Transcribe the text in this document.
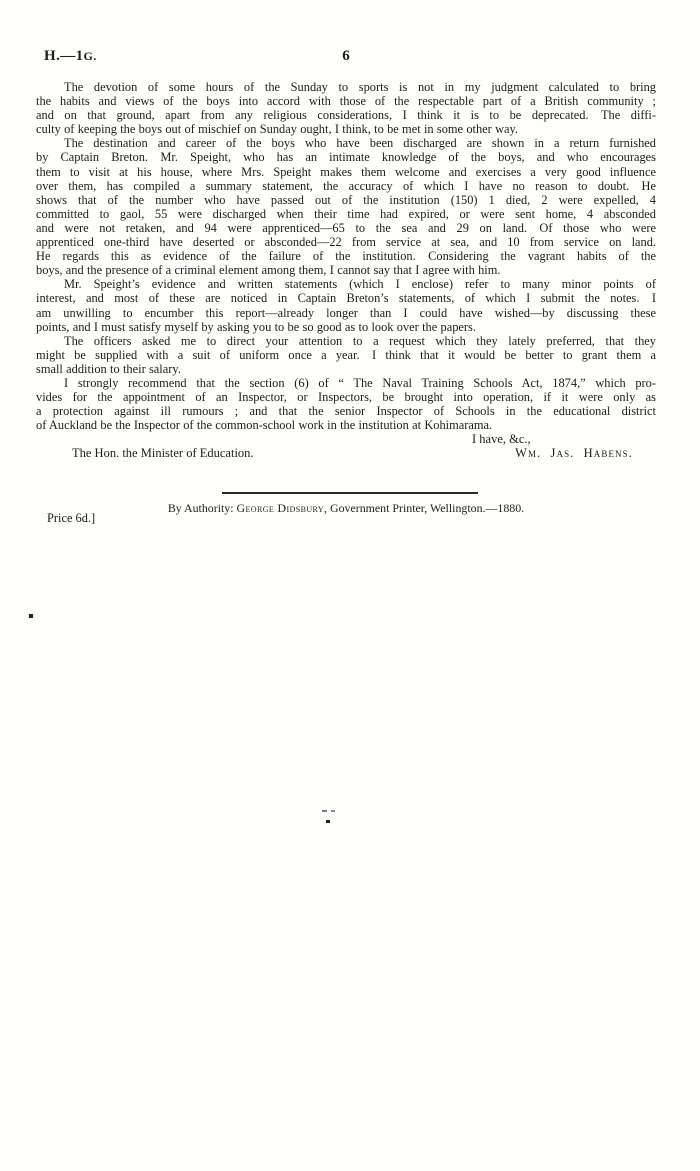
H.—1G.	6
The devotion of some hours of the Sunday to sports is not in my judgment calculated to bring
the habits and views of the boys into accord with those of the respectable part of a British community ;
and on that ground, apart from any religious considerations, I think it is to be deprecated.  The diffi-
culty of keeping the boys out of mischief on Sunday ought, I think, to be met in some other way.
The destination and career of the boys who have been discharged are shown in a return furnished
by Captain Breton.  Mr. Speight, who has an intimate knowledge of the boys, and who encourages
them to visit at his house, where Mrs. Speight makes them welcome and exercises a very good influence
over them, has compiled a summary statement, the accuracy of which I have no reason to doubt.  He
shows that of the number who have passed out of the institution (150) 1 died, 2 were expelled, 4
committed to gaol, 55 were discharged when their time had expired, or were sent home, 4 absconded
and were not retaken, and 94 were apprenticed—65 to the sea and 29 on land.  Of those who were
apprenticed one-third have deserted or absconded—22 from service at sea, and 10 from service on land.
He regards this as evidence of the failure of the institution.  Considering the vagrant habits of the
boys, and the presence of a criminal element among them, I cannot say that I agree with him.
Mr. Speight’s evidence and written statements (which I enclose) refer to many minor points of
interest, and most of these are noticed in Captain Breton’s statements, of which I submit the notes.  I
am unwilling to encumber this report—already longer than I could have wished—by discussing these
points, and I must satisfy myself by asking you to be so good as to look over the papers.
The officers asked me to direct your attention to a request which they lately preferred, that they
might be supplied with a suit of uniform once a year.  I think that it would be better to grant them a
small addition to their salary.
I strongly recommend that the section (6) of “ The Naval Training Schools Act, 1874,” which pro-
vides for the appointment of an Inspector, or Inspectors, be brought into operation, if it were only as
a protection against ill rumours ; and that the senior Inspector of Schools in the educational district
of Auckland be the Inspector of the common-school work in the institution at Kohimarama.
I have, &c.,
The Hon. the Minister of Education.	Wm. Jas. Habens.
By Authority: George Didsbury, Government Printer, Wellington.—1880.
Price 6d.]
